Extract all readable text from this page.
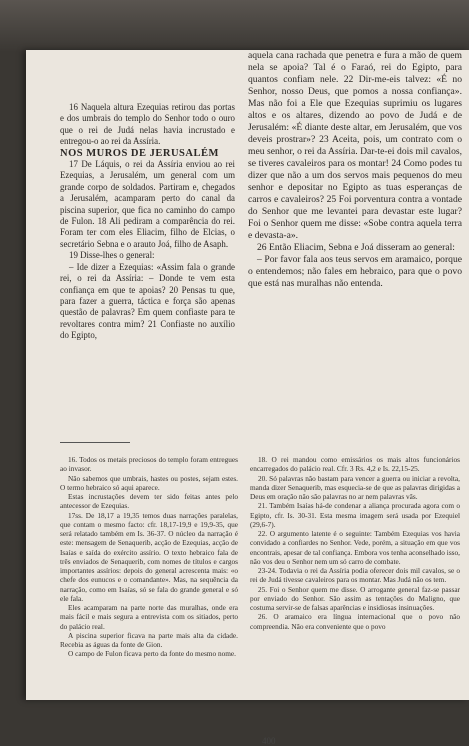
16 Naquela altura Ezequias retirou das portas e dos umbrais do templo do Senhor todo o ouro que o rei de Judá nelas havia incrustado e entregou-o ao rei da Assíria.

NOS MUROS DE JERUSALÉM

17 De Láquis, o rei da Assíria enviou ao rei Ezequias, a Jerusalém, um general com um grande corpo de soldados. Partiram e, chegados a Jerusalém, acamparam perto do canal da piscina superior, que fica no caminho do campo de Fulon. 18 Ali pediram a comparência do rei. Foram ter com eles Eliacim, filho de Elcias, o secretário Sebna e o arauto Joá, filho de Asaph.

19 Disse-lhes o general:

– Ide dizer a Ezequias: «Assim fala o grande rei, o rei da Assíria: – Donde te vem esta confiança em que te apoias? 20 Pensas tu que, para fazer a guerra, táctica e força são apenas questão de palavras? Em quem confiaste para te revoltares contra mim? 21 Confiaste no auxílio do Egipto,

aquela cana rachada que penetra e fura a mão de quem nela se apoia? Tal é o Faraó, rei do Egipto, para quantos confiam nele. 22 Dir-me-eis talvez: «É no Senhor, nosso Deus, que pomos a nossa confiança». Mas não foi a Ele que Ezequias suprimiu os lugares altos e os altares, dizendo ao povo de Judá e de Jerusalém: «É diante deste altar, em Jerusalém, que vos deveis prostrar»? 23 Aceita, pois, um contrato com o meu senhor, o rei da Assíria. Dar-te-ei dois mil cavalos, se tiveres cavaleiros para os montar! 24 Como podes tu dizer que não a um dos servos mais pequenos do meu senhor e depositar no Egipto as tuas esperanças de carros e cavaleiros? 25 Foi porventura contra a vontade do Senhor que me levantei para devastar este lugar? Foi o Senhor quem me disse: «Sobe contra aquela terra e devasta-a».

26 Então Eliacim, Sebna e Joá disseram ao general:

– Por favor fala aos teus servos em aramaico, porque o entendemos; não fales em hebraico, para que o povo que está nas muralhas não entenda.

16. Todos os metais preciosos do templo foram entregues ao invasor.

Não sabemos que umbrais, hastes ou postes, sejam estes. O termo hebraico só aqui aparece.

Estas incrustações devem ter sido feitas antes pelo antecessor de Ezequias.

17ss. De 18,17 a 19,35 temos duas narrações paralelas, que contam o mesmo facto: cfr. 18,17-19,9 e 19,9-35, que será relatado também em Is. 36-37. O núcleo da narração é este: mensagem de Senaquerib, acção de Ezequias, acção de Isaías e saída do exército assírio. O texto hebraico fala de três enviados de Senaquerib, com nomes de títulos e cargos importantes assírios: depois do general acrescenta mais: «o chefe dos eunucos e o comandante». Mas, na sequência da narração, como em Isaías, só se fala do grande general e só ele fala.

Eles acamparam na parte norte das muralhas, onde era mais fácil e mais segura a entrevista com os sitiados, perto do palácio real.

A piscina superior ficava na parte mais alta da cidade. Recebia as águas da fonte de Gion.

O campo de Fulon ficava perto da fonte do mesmo nome.

18. O rei mandou como emissários os mais altos funcionários encarregados do palácio real. Cfr. 3 Rs. 4,2 e Is. 22,15-25.

20. Só palavras não bastam para vencer a guerra ou iniciar a revolta, manda dizer Senaquerib, mas esquecia-se de que as palavras dirigidas a Deus em oração não são palavras no ar nem palavras vãs.

21. Também Isaías há-de condenar a aliança procurada agora com o Egipto, cfr. Is. 30-31. Esta mesma imagem será usada por Ezequiel (29,6-7).

22. O argumento latente é o seguinte: Também Ezequias vos havia convidado a confiardes no Senhor. Vede, porém, a situação em que vos encontrais, apesar de tal confiança. Embora vos tenha aconselhado isso, não vos deu o Senhor nem um só carro de combate.

23-24. Todavia o rei da Assíria podia oferecer dois mil cavalos, se o rei de Judá tivesse cavaleiros para os montar. Mas Judá não os tem.

25. Foi o Senhor quem me disse. O arrogante general faz-se passar por enviado do Senhor. São assim as tentações do Maligno, que costuma servir-se de falsas aparências e insidiosas insinuações.

26. O aramaico era língua internacional que o povo não compreendia. Não era conveniente que o povo

400
